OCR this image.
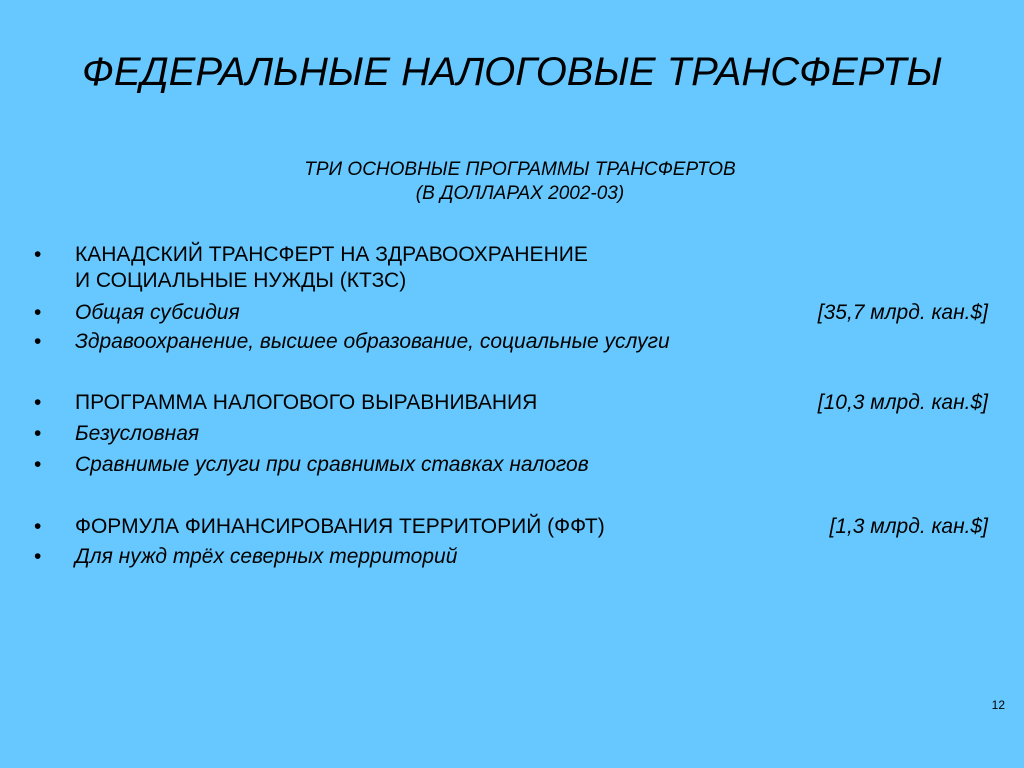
ФЕДЕРАЛЬНЫЕ НАЛОГОВЫЕ ТРАНСФЕРТЫ
ТРИ ОСНОВНЫЕ ПРОГРАММЫ ТРАНСФЕРТОВ
(В ДОЛЛАРАХ 2002-03)
•	КАНАДСКИЙ ТРАНСФЕРТ НА ЗДРАВООХРАНЕНИЕ
И СОЦИАЛЬНЫЕ НУЖДЫ (КТЗС)
•	Общая субсидия	[35,7 млрд. кан.$]
•	Здравоохранение, высшее образование, социальные услуги
•	ПРОГРАММА НАЛОГОВОГО ВЫРАВНИВАНИЯ	[10,3 млрд. кан.$]
•	Безусловная
•	Сравнимые услуги при сравнимых ставках налогов
•	ФОРМУЛА ФИНАНСИРОВАНИЯ ТЕРРИТОРИЙ (ФФТ)	[1,3 млрд. кан.$]
•	Для нужд трёх северных территорий
12
